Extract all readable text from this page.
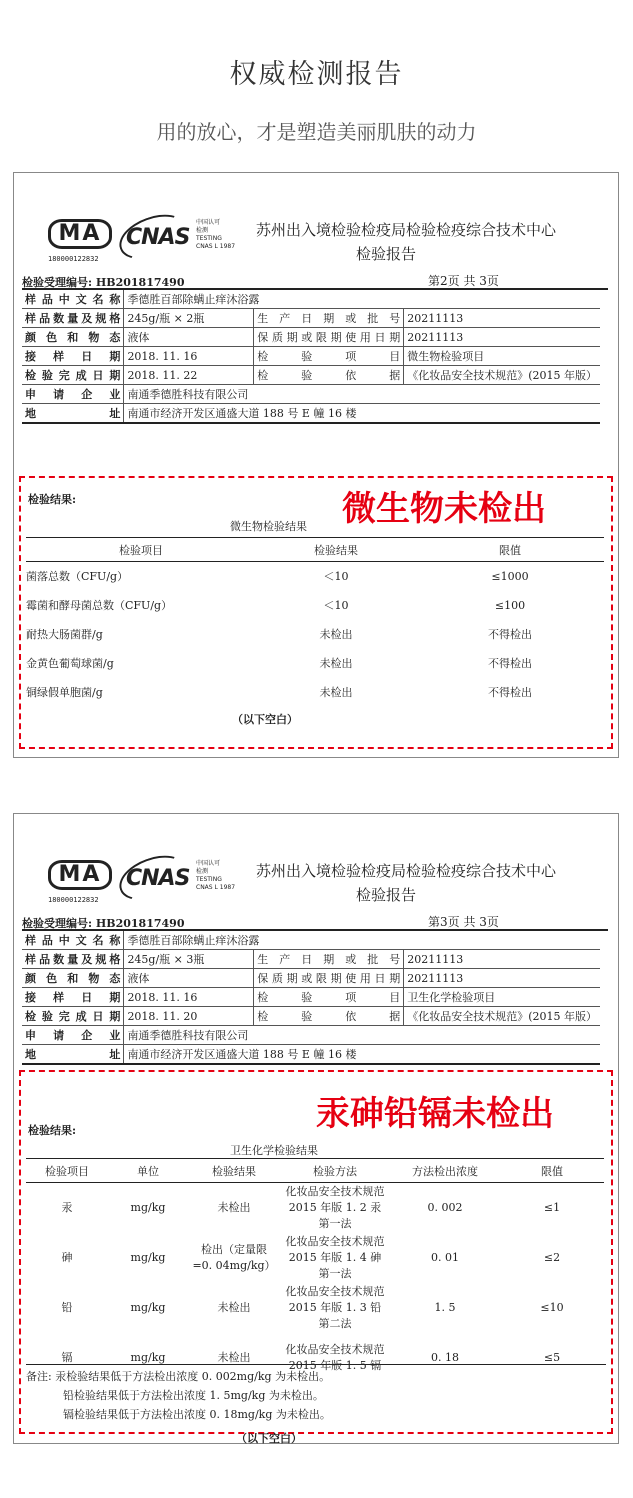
权威检测报告
用的放心，才是塑造美丽肌肤的动力
MA
180000122832
CNAS
中国认可
检测
TESTING
CNAS L 1987
苏州出入境检验检疫局检验检疫综合技术中心
检验报告
检验受理编号: HB201817490	第2页 共 3页
样品中文名称	季德胜百部除螨止痒沐浴露		
样品数量及规格	245g/瓶 × 2瓶	生产日期或批号	20211113
颜色和物态	液体	保质期或限期使用日期	20211113
接样日期	2018. 11. 16	检验项目	微生物检验项目
检验完成日期	2018. 11. 22	检验依据	《化妆品安全技术规范》(2015 年版）
申请企业	南通季德胜科技有限公司		
地址	南通市经济开发区通盛大道 188 号 E 幢 16 楼		
检验结果:	微生物未检出
微生物检验结果
检验项目	检验结果	限值
菌落总数（CFU/g）	＜10	≤1000
霉菌和酵母菌总数（CFU/g）	＜10	≤100
耐热大肠菌群/g	未检出	不得检出
金黄色葡萄球菌/g	未检出	不得检出
铜绿假单胞菌/g	未检出	不得检出
（以下空白）
MA
180000122832
CNAS
中国认可
检测
TESTING
CNAS L 1987
苏州出入境检验检疫局检验检疫综合技术中心
检验报告
检验受理编号: HB201817490	第3页 共 3页
样品中文名称	季德胜百部除螨止痒沐浴露		
样品数量及规格	245g/瓶 × 3瓶	生产日期或批号	20211113
颜色和物态	液体	保质期或限期使用日期	20211113
接样日期	2018. 11. 16	检验项目	卫生化学检验项目
检验完成日期	2018. 11. 20	检验依据	《化妆品安全技术规范》(2015 年版）
申请企业	南通季德胜科技有限公司		
地址	南通市经济开发区通盛大道 188 号 E 幢 16 楼		
检验结果:	汞砷铅镉未检出
卫生化学检验结果
检验项目	单位	检验结果	检验方法	方法检出浓度	限值
汞	mg/kg	未检出	化妆品安全技术规范 2015 年版 1. 2 汞第一法	0. 002	≤1
砷	mg/kg	检出（定量限=0. 04mg/kg）	化妆品安全技术规范 2015 年版 1. 4 砷第一法	0. 01	≤2
铅	mg/kg	未检出	化妆品安全技术规范 2015 年版 1. 3 铅第二法	1. 5	≤10
镉	mg/kg	未检出	化妆品安全技术规范 2015 年版 1. 5 镉	0. 18	≤5
备注: 汞检验结果低于方法检出浓度 0. 002mg/kg 为未检出。
铅检验结果低于方法检出浓度 1. 5mg/kg 为未检出。
镉检验结果低于方法检出浓度 0. 18mg/kg 为未检出。
（以下空白）
